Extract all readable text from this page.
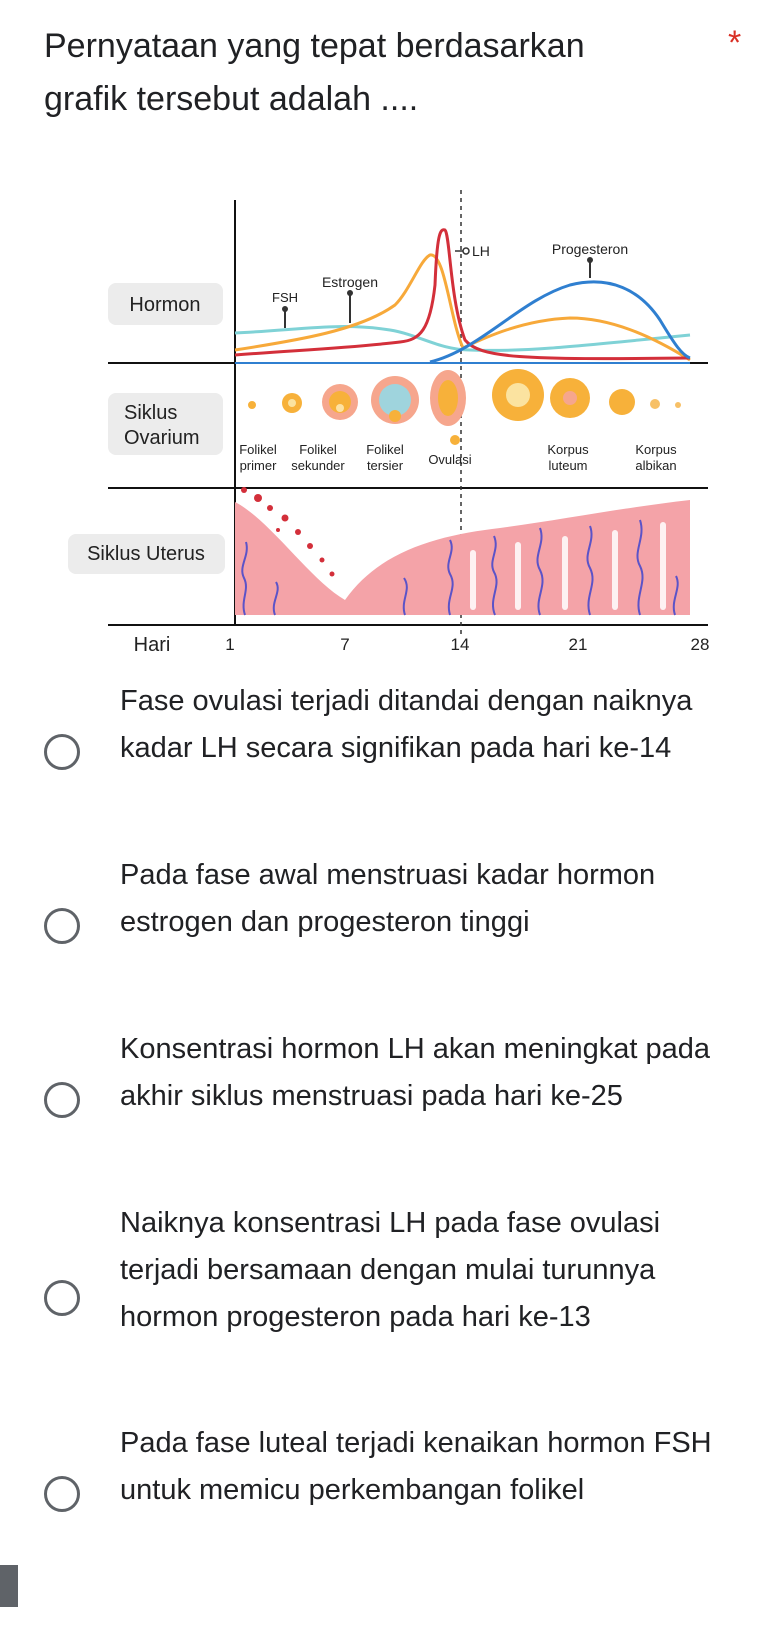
Pernyataan yang tepat berdasarkan grafik tersebut adalah ....
*
Hormon
Siklus
Ovarium
Siklus Uterus
Hari
LH	Progesteron
Estrogen
FSH
Folikel
primer
Folikel
sekunder
Folikel
tersier Ovulasi
Korpus
luteum
Korpus
albikan
1	7	14	21	28
Fase ovulasi terjadi ditandai dengan naiknya kadar LH secara signifikan pada hari ke-14
Pada fase awal menstruasi kadar hormon estrogen dan progesteron tinggi
Konsentrasi hormon LH akan meningkat pada akhir siklus menstruasi pada hari ke-25
Naiknya konsentrasi LH pada fase ovulasi terjadi bersamaan dengan mulai turunnya hormon progesteron pada hari ke-13
Pada fase luteal terjadi kenaikan hormon FSH untuk memicu perkembangan folikel
